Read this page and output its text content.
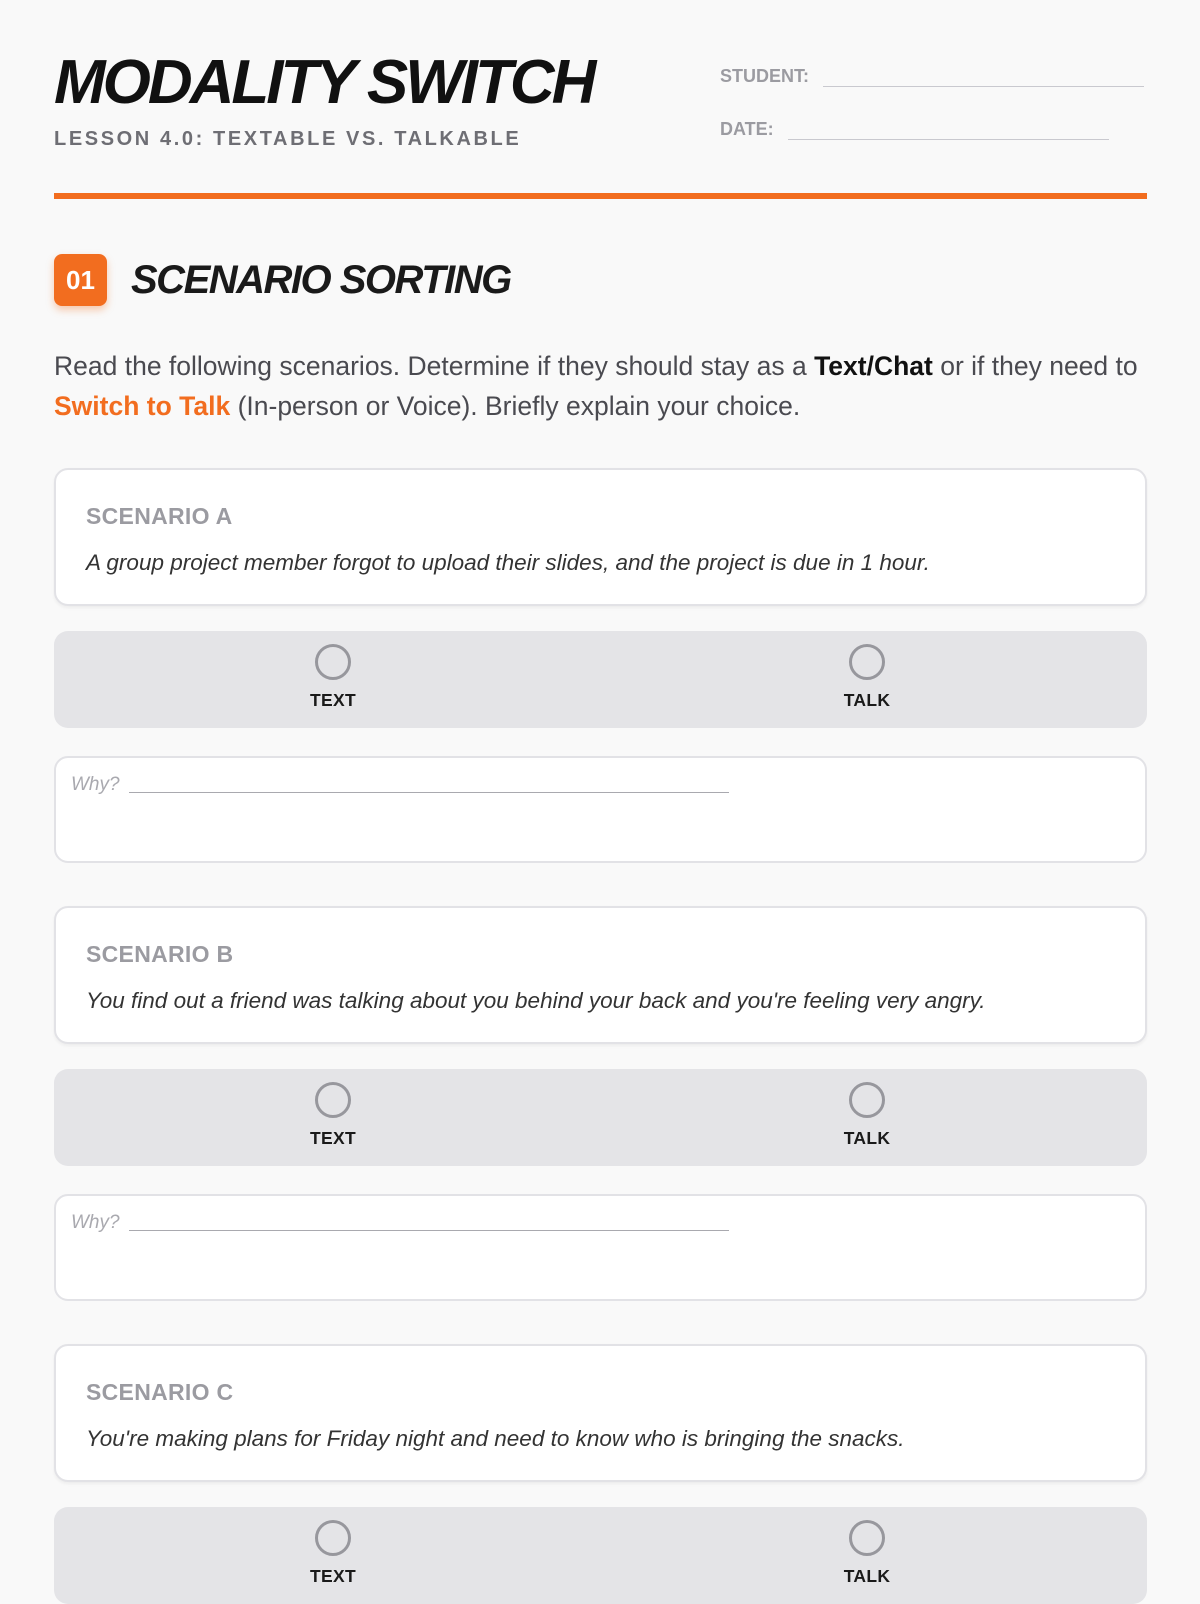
MODALITY SWITCH

LESSON 4.0: TEXTABLE VS. TALKABLE

STUDENT:
DATE:
01 SCENARIO SORTING

Read the following scenarios. Determine if they should stay as a Text/Chat or if they need to Switch to Talk (In-person or Voice). Briefly explain your choice.

SCENARIO A
A group project member forgot to upload their slides, and the project is due in 1 hour.
TEXT	TALK
Why?
SCENARIO B
You find out a friend was talking about you behind your back and you're feeling very angry.
TEXT	TALK
Why?
SCENARIO C
You're making plans for Friday night and need to know who is bringing the snacks.
TEXT	TALK
